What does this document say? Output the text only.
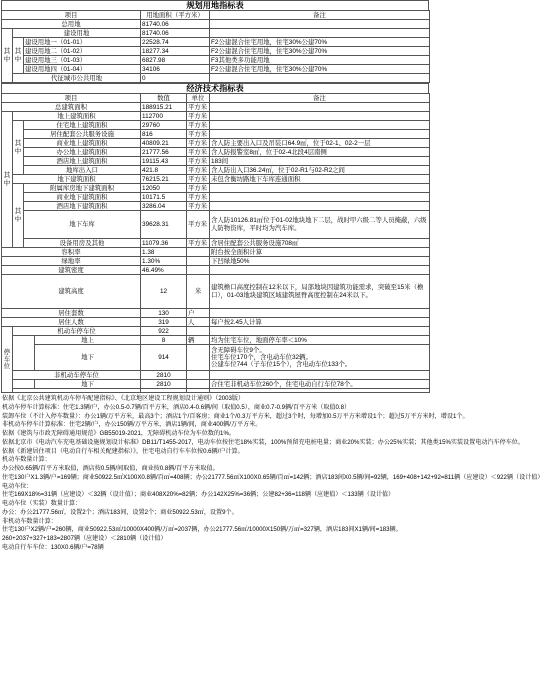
规划用地指标表
项目			用地面积（平方米）	备注
总用地			81740.06	
其中	建设用地		81740.06	
	其中	建设用地一（01-01）	22528.74	F2公建混合住宅用地，住宅30%公建70%
		建设用地二（01-02）	18277.34	F2公建混合住宅用地，住宅30%公建70%
		建设用地三（01-03）	6827.98	F3其他类多功能用地
		建设用地四（01-04）	34106	F2公建混合住宅用地，住宅30%公建70%
	代征城市公共用地		0	
经济技术指标表
项目				数值	单位	备注
总建筑面积				188915.21	平方米	
其中	地上建筑面积			112700	平方米	
	其中	住宅地上建筑面积		29760	平方米	
		居住配套公共服务设施		816	平方米	
		商业地上建筑面积		40809.21	平方米	含人防主要出入口及吊装口64.9㎡，位于02-1、02-2一层
		办公地上建筑面积		21777.56	平方米	含人防报警室8㎡，位于02-4北段4层南侧
		酒店地上建筑面积		19115.43	平方米	183间
		地库出入口		421.8	平方米	含人防出入口36.24㎡，位于02-R1与02-R2之间
	地下建筑面积			76215.21	平方米	未包含衡坊路地下车库连通面积
	其中	附属库房地下建筑面积		12050	平方米	
		商业地下建筑面积		10171.5	平方米	
		酒店地下建筑面积		3286.04	平方米	
		地下车库		39628.31	平方米	含人防10126.81㎡位于01-02地块地下二层，战时甲六级二等人员掩蔽，六级人防物资库，平时均为汽车库。
		设备用房及其他		11079.36	平方米	含居住配套公共服务设施708㎡
容积率				1.38		附台按全面积计算
绿地率				1.30%		下凹绿地50%
建筑密度				46.49%		
建筑高度				12	米	建筑檐口高度控制在12米以下，局部地块因建筑功能需求，突破至15米（檐口），01-03地块建筑区域建筑屋脊高度控制在24米以下。
居住套数				130	户	
居住人数				319	人	每户按2.45人计算
停车位	机动车停车位			922		
			地上	8	辆	均为住宅车位，地面停车率＜10%
			地下	914		含无障碍车位9个。
住宅车位170个，含电动车位32辆。
公建车位744（子车位15个），含电动车位133个。

	非机动车停车位			2810		
			地下	2810		合住宅非机动车位260个，住宅电动自行车位78个。

依据《北京公共建筑机动车停车配建指标》、《北京地区建设工程规划设计通则》（2003版）
机动车停车计算标准：住宅1.3辆/户，办公0.5-0.7辆/百平方米，酒店0.4-0.6辆/间（取值0.5），商业0.7-0.9辆/百平方米（取值0.8）
装卸车位（不计入停车数量）：办公1辆/万平方米，最高3个；酒店1个/百客房；商业1个/0.3万平方米，超过3个时，每增加0.5万平方米增设1个；超过5万平方米时，增设1个。
非机动车停车计算标准：住宅2辆/户，办公150辆/万平方米，酒店1辆/间，商业400辆/万平方米。
依据《建筑与市政无障碍通用规范》GB55019-2021，无障碍机动车位为车位数的1%。
依据北京市《电动汽车充电基础设施规划设计标准》DB11/T1455-2017，电动车位按住宅18%实装，100%预留充电桩电量；商业20%实装；办公25%实装；其他类15%实装设置电动汽车停车位。
依据《新建居住项目（电动自行车相关配建指标）》，住宅电动自行车车位按0.6辆/户计算。
机动车数量计算：
办公按0.65辆/百平方米取值，酒店按0.5辆/间取值，商业按0.8辆/百平方米取值。
住宅130户X1.3辆/户=169辆；商业50922.5㎡X100X0.8辆/百㎡=408辆；办公21777.56㎡X100X0.65辆/百㎡=142辆；酒店183间X0.5辆/间=92辆，169+408+142+92=811辆（应建设）＜922辆（设计值）
电动车位：
住宅169X18%=31辆（应建设）＜32辆（设计值）；商业408X20%=82辆；办公142X25%=36辆；公建82+36=118辆（应建值）＜133辆（设计值）
电动车位（实装）数量计算：
办公：办公21777.56㎡，设置2个；酒店183间，设置2个；商业50922.53㎡，设置9个。
非机动车数量计算：
住宅130户X2辆/户=260辆，商业50922.53㎡/10000X400辆/万㎡=2037辆，办公21777.56㎡/10000X150辆/万㎡=327辆，酒店183间X1辆/间=183辆。
260+2037+327+183=2807辆（应建设）＜2810辆（设计值）
电动自行车车位：130X0.6辆/户=78辆
